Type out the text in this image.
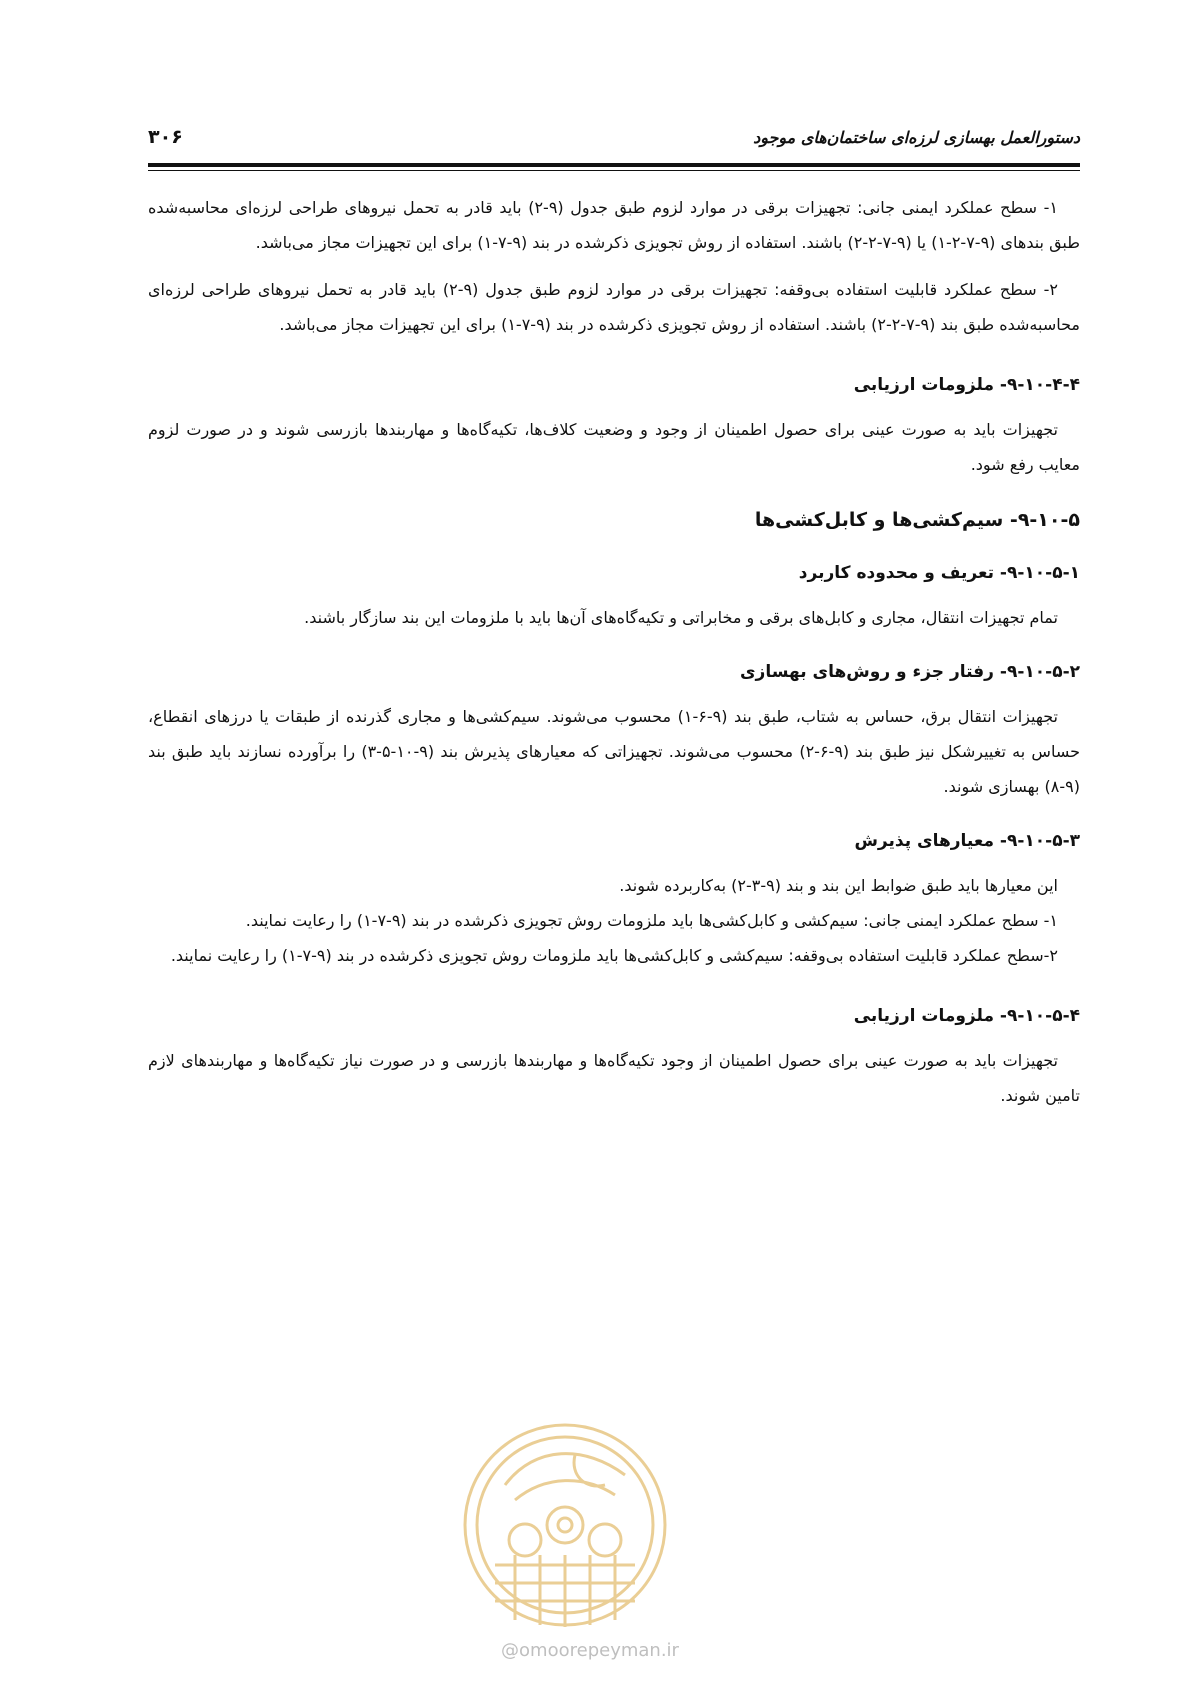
۳۰۶	دستورالعمل بهسازی لرزه‌ای ساختمان‌های موجود

۱- سطح عملکرد ایمنی جانی: تجهیزات برقی در موارد لزوم طبق جدول (۹-۲) باید قادر به تحمل نیروهای طراحی لرزه‌ای محاسبه‌شده طبق بندهای (۹-۷-۲-۱) یا (۹-۷-۲-۲) باشند. استفاده از روش تجویزی ذکرشده در بند (۹-۷-۱) برای این تجهیزات مجاز می‌باشد.

۲- سطح عملکرد قابلیت استفاده بی‌وقفه: تجهیزات برقی در موارد لزوم طبق جدول (۹-۲) باید قادر به تحمل نیروهای طراحی لرزه‌ای محاسبه‌شده طبق بند (۹-۷-۲-۲) باشند. استفاده از روش تجویزی ذکرشده در بند (۹-۷-۱) برای این تجهیزات مجاز می‌باشد.

۹-۱۰-۴-۴- ملزومات ارزیابی

تجهیزات باید به صورت عینی برای حصول اطمینان از وجود و وضعیت کلاف‌ها، تکیه‌گاه‌ها و مهاربندها بازرسی شوند و در صورت لزوم معایب رفع شود.

۹-۱۰-۵- سیم‌کشی‌ها و کابل‌کشی‌ها
۹-۱۰-۵-۱- تعریف و محدوده کاربرد

تمام تجهیزات انتقال، مجاری و کابل‌های برقی و مخابراتی و تکیه‌گاه‌های آن‌ها باید با ملزومات این بند سازگار باشند.

۹-۱۰-۵-۲- رفتار جزء و روش‌های بهسازی

تجهیزات انتقال برق، حساس به شتاب، طبق بند (۹-۶-۱) محسوب می‌شوند. سیم‌کشی‌ها و مجاری گذرنده از طبقات یا درزهای انقطاع، حساس به تغییرشکل نیز طبق بند (۹-۶-۲) محسوب می‌شوند. تجهیزاتی که معیارهای پذیرش بند (۹-۱۰-۵-۳) را برآورده نسازند باید طبق بند (۹-۸) بهسازی شوند.

۹-۱۰-۵-۳- معیارهای پذیرش

این معیارها باید طبق ضوابط این بند و بند (۹-۳-۲) به‌کاربرده شوند.

۱- سطح عملکرد ایمنی جانی: سیم‌کشی و کابل‌کشی‌ها باید ملزومات روش تجویزی ذکرشده در بند (۹-۷-۱) را رعایت نمایند.

۲-سطح عملکرد قابلیت استفاده بی‌وقفه: سیم‌کشی و کابل‌کشی‌ها باید ملزومات روش تجویزی ذکرشده در بند (۹-۷-۱) را رعایت نمایند.

۹-۱۰-۵-۴- ملزومات ارزیابی

تجهیزات باید به صورت عینی برای حصول اطمینان از وجود تکیه‌گاه‌ها و مهاربندها بازرسی و در صورت نیاز تکیه‌گاه‌ها و مهاربندهای لازم تامین شوند.

@omoorepeyman.ir
